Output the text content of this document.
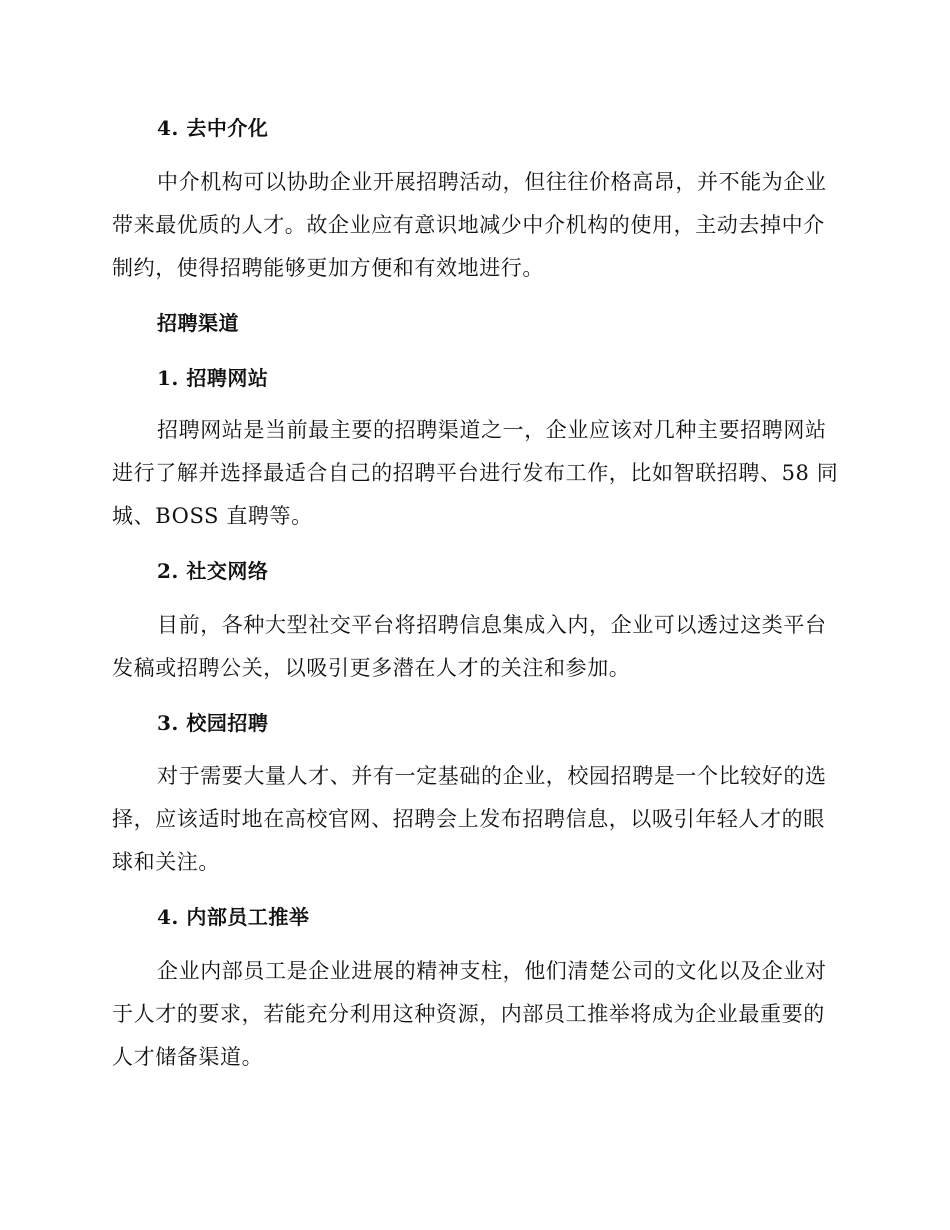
4. 去中介化
中介机构可以协助企业开展招聘活动，但往往价格高昂，并不能为企业
带来最优质的人才。故企业应有意识地减少中介机构的使用，主动去掉中介
制约，使得招聘能够更加方便和有效地进行。
招聘渠道
1. 招聘网站
招聘网站是当前最主要的招聘渠道之一，企业应该对几种主要招聘网站
进行了解并选择最适合自己的招聘平台进行发布工作，比如智联招聘、58 同
城、BOSS 直聘等。
2. 社交网络
目前，各种大型社交平台将招聘信息集成入内，企业可以透过这类平台
发稿或招聘公关，以吸引更多潜在人才的关注和参加。
3. 校园招聘
对于需要大量人才、并有一定基础的企业，校园招聘是一个比较好的选
择，应该适时地在高校官网、招聘会上发布招聘信息，以吸引年轻人才的眼
球和关注。
4. 内部员工推举
企业内部员工是企业进展的精神支柱，他们清楚公司的文化以及企业对
于人才的要求，若能充分利用这种资源，内部员工推举将成为企业最重要的
人才储备渠道。
